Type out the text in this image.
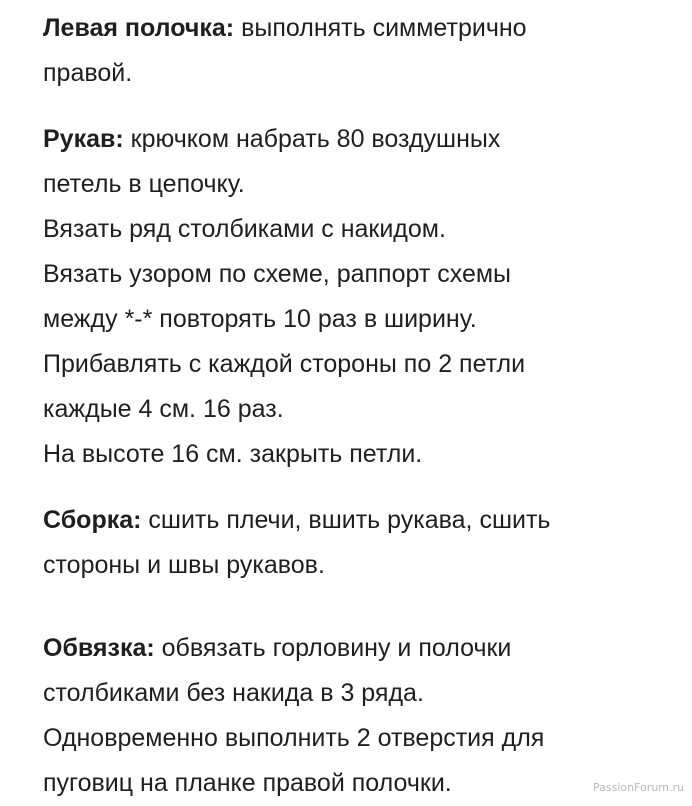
Левая полочка: выполнять симметрично
правой.

Рукав: крючком набрать 80 воздушных
петель в цепочку.
Вязать ряд столбиками с накидом.
Вязать узором по схеме, раппорт схемы
между *-* повторять 10 раз в ширину.
Прибавлять с каждой стороны по 2 петли
каждые 4 см. 16 раз.
На высоте 16 см. закрыть петли.

Сборка: сшить плечи, вшить рукава, сшить
стороны и швы рукавов.

Обвязка: обвязать горловину и полочки
столбиками без накида в 3 ряда.
Одновременно выполнить 2 отверстия для
пуговиц на планке правой полочки.	PassionForum.ru
